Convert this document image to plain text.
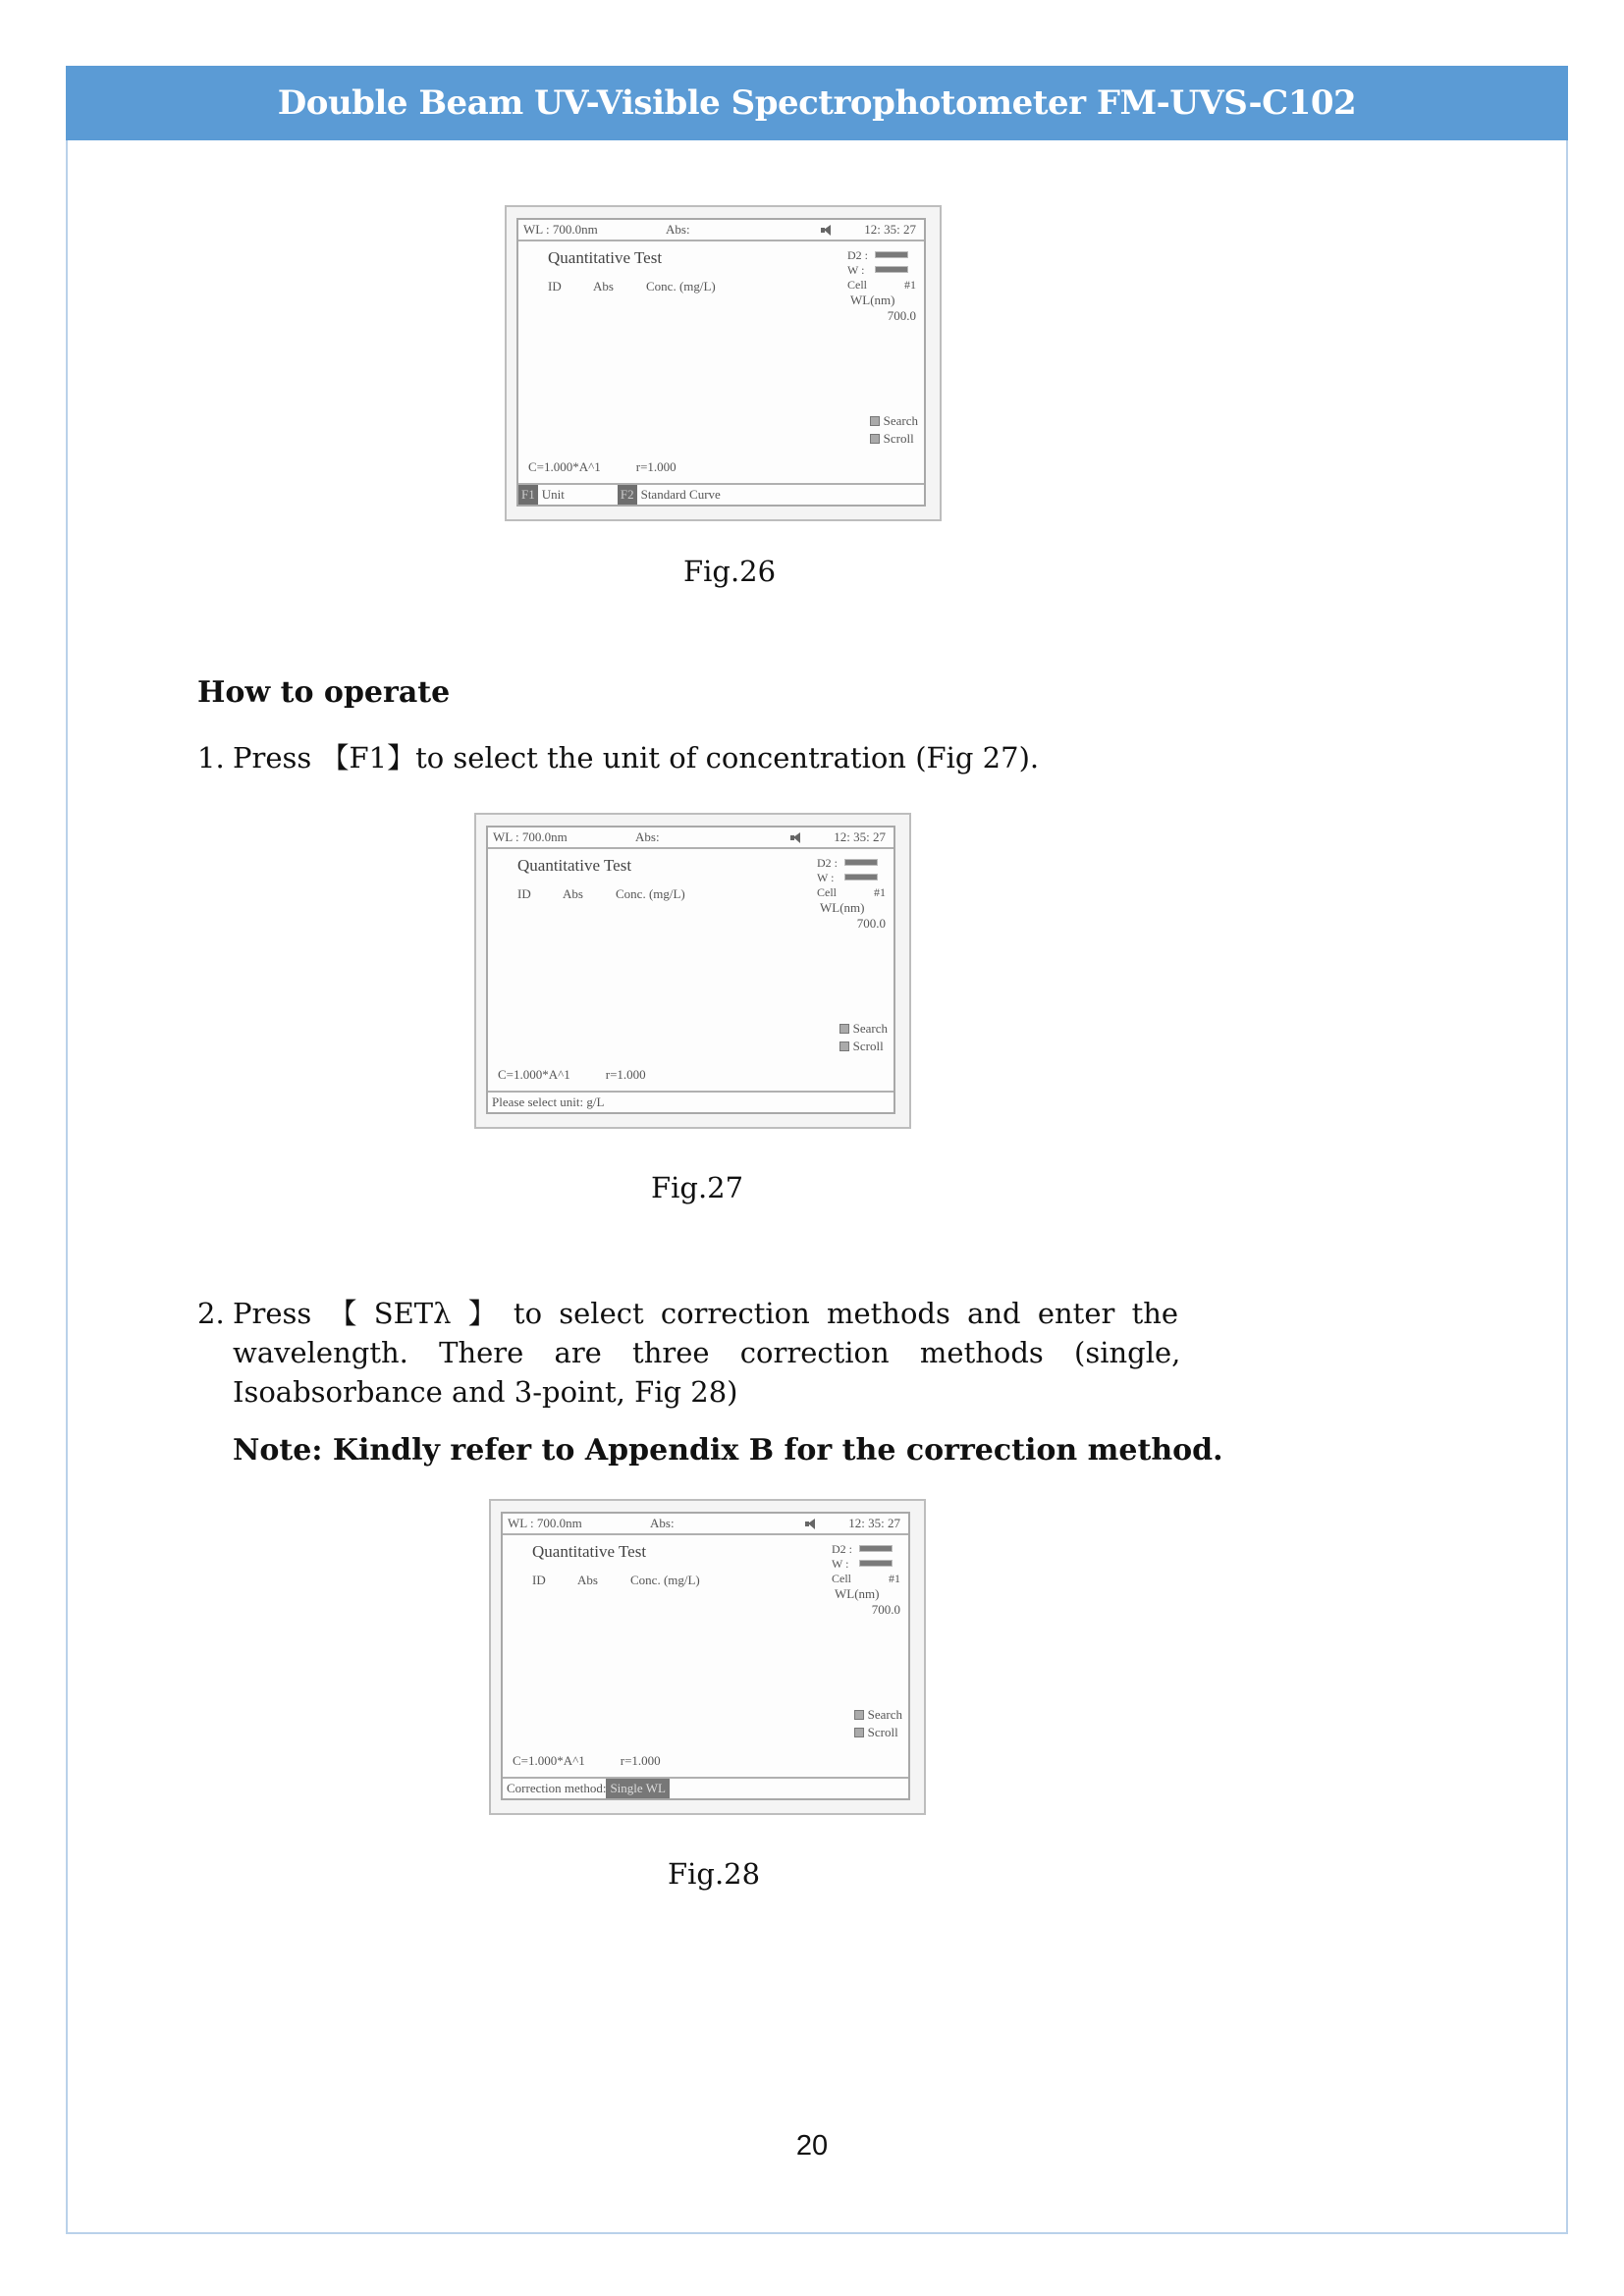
Double Beam UV-Visible Spectrophotometer FM-UVS-C102
WL : 700.0nm	Abs:	12: 35: 27
Quantitative Test
ID Abs	Conc. (mg/L)
D2 :
W :
Cell	#1
WL(nm)
700.0
Search
Scroll
C=1.000*A^1	r=1.000
F1 Unit	F2 Standard Curve
Fig.26
How to operate
1. Press 【F1】to select the unit of concentration (Fig 27).
WL : 700.0nm	Abs:	12: 35: 27
Quantitative Test
ID Abs	Conc. (mg/L)
D2 :
W :
Cell	#1
WL(nm)
700.0
Search
Scroll
C=1.000*A^1	r=1.000
Please select unit: g/L
Fig.27
2. Press 【 SETλ 】 to select correction methods and enter the
wavelength. There are three correction methods (single,
Isoabsorbance and 3-point, Fig 28)
Note: Kindly refer to Appendix B for the correction method.
WL : 700.0nm	Abs:	12: 35: 27
Quantitative Test
ID Abs	Conc. (mg/L)
D2 :
W :
Cell	#1
WL(nm)
700.0
Search
Scroll
C=1.000*A^1	r=1.000
Correction method: Single WL
Fig.28
20
